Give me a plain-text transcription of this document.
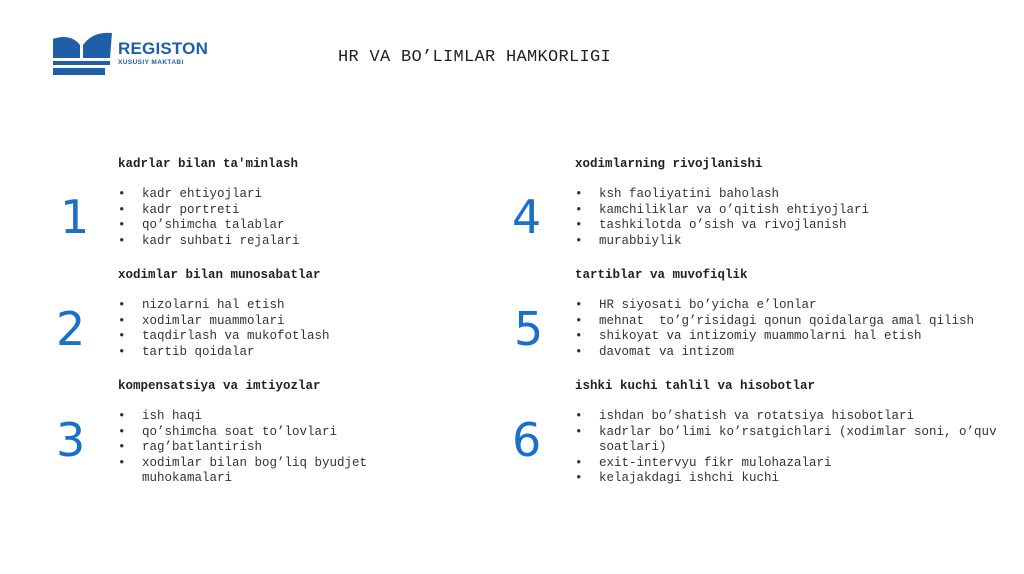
REGISTON
XUSUSIY MAKTABI	HR VA BO’LIMLAR HAMKORLIGI
1
kadrlar bilan ta'minlash
• kadr ehtiyojlari
• kadr portreti
• qo’shimcha talablar
• kadr suhbati rejalari
2
xodimlar bilan munosabatlar
• nizolarni hal etish
• xodimlar muammolari
• taqdirlash va mukofotlash
• tartib qoidalar
3
kompensatsiya va imtiyozlar
• ish haqi
• qo’shimcha soat to’lovlari
• rag’batlantirish
• xodimlar bilan bog’liq byudjet muhokamalari
4
xodimlarning rivojlanishi
• ksh faoliyatini baholash
• kamchiliklar va o’qitish ehtiyojlari
• tashkilotda o’sish va rivojlanish
• murabbiylik
5
tartiblar va muvofiqlik
• HR siyosati bo’yicha e’lonlar
• mehnat  to’g’risidagi qonun qoidalarga amal qilish
• shikoyat va intizomiy muammolarni hal etish
• davomat va intizom
6
ishki kuchi tahlil va hisobotlar
• ishdan bo’shatish va rotatsiya hisobotlari
• kadrlar bo’limi ko’rsatgichlari (xodimlar soni, o’quv soatlari)
• exit-intervyu fikr mulohazalari
• kelajakdagi ishchi kuchi
